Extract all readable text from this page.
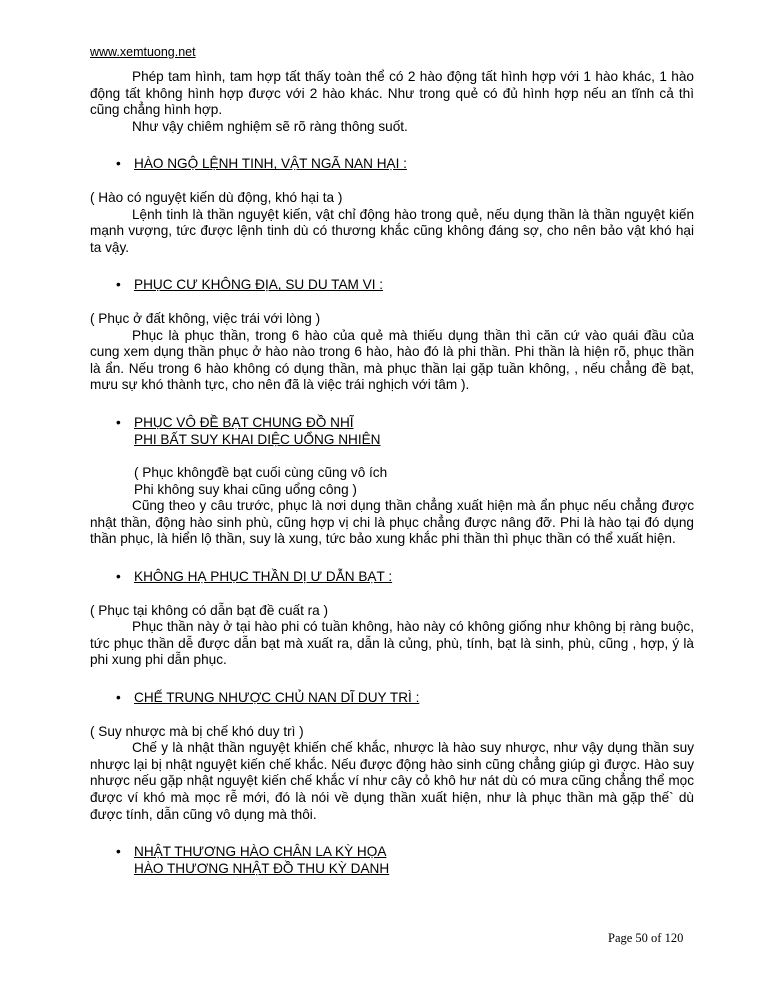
www.xemtuong.net

Phép tam hình, tam hợp tất thấy toàn thể có 2 hào động tất hình hợp với 1 hào khác, 1 hào động tất không hình hợp được với 2 hào khác. Như trong quẻ có đủ hình hợp nếu an tĩnh cả thì cũng chẳng hình hợp.

Như vậy chiêm nghiệm sẽ rõ ràng thông suốt.

• HÀO NGỘ LỆNH TINH, VẬT NGÃ NAN HẠI :

( Hào có nguyệt kiến dù động, khó hại ta )

Lệnh tinh là thần nguyệt kiến, vật chỉ động hào trong quẻ, nếu dụng thần là thần nguyệt kiến mạnh vượng, tức được lệnh tinh dù có thương khắc cũng không đáng sợ, cho nên bảo vật khó hại ta vậy.

• PHỤC CƯ KHÔNG ĐỊA, SU DU TAM VI :

( Phục ở đất không, việc trái với lòng )

Phục là phục thần, trong 6 hào của quẻ mà thiếu dụng thần thì căn cứ vào quái đầu của cung xem dụng thần phục ở hào nào trong 6 hào, hào đó là phi thần. Phi thần là hiện rõ, phục thần là ẩn. Nếu trong 6 hào không có dụng thần, mà phục thần lại gặp tuần không, , nếu chẳng đề bạt, mưu sự khó thành tực, cho nên đã là việc trái nghịch với tâm ).

• PHỤC VÔ ĐỀ BẠT CHUNG ĐỒ NHĨ
PHI BẤT SUY KHAI DIỆC UỔNG NHIÊN
( Phục khôngđề bạt cuối cùng cũng vô ích
Phi không suy khai cũng uổng công )

Cũng theo y câu trước, phục là nơi dụng thần chẳng xuất hiện mà ẩn phục nếu chẳng được nhật thần, động hào sinh phù, cũng hợp vị chi là phục chẳng được nâng đỡ. Phi là hào tại đó dụng thần phục, là hiển lộ thần, suy là xung, tức bảo xung khắc phi thần thì phục thần có thể xuất hiện.

• KHÔNG HẠ PHỤC THẦN DỊ Ư DẪN BẠT :

( Phục tại không có dẫn bạt đề cuất ra )

Phục thần này ở tại hào phi có tuần không, hào này có không giống như không bị ràng buộc, tức phục thần dễ được dẫn bạt mà xuất ra, dẫn là củng, phù, tính, bạt là sinh, phù, cũng , hợp, ý là phi xung phi dẫn phục.

• CHẾ TRUNG NHƯỢC CHỦ NAN DĨ DUY TRÌ :

( Suy nhược mà bị chế khó duy trì )

Chế y là nhật thần nguyệt khiến chế khắc, nhược là hào suy nhược, như vậy dụng thần suy nhược lại bị nhật nguyệt kiến chế khắc. Nếu được động hào sinh cũng chẳng giúp gì được. Hào suy nhược nếu gặp nhật nguyệt kiến chế khắc ví như cây cỏ khô hư nát dù có mưa cũng chẳng thể mọc được ví khó mà mọc rễ mới, đó là nói về dụng thần xuất hiện, như là phục thần mà gặp thế` dù được tính, dẫn cũng vô dụng mà thôi.

• NHẬT THƯƠNG HÀO CHÂN LA KỲ HỌA
HÀO THƯƠNG NHẬT ĐỒ THU KỲ DANH
Page 50 of 120
